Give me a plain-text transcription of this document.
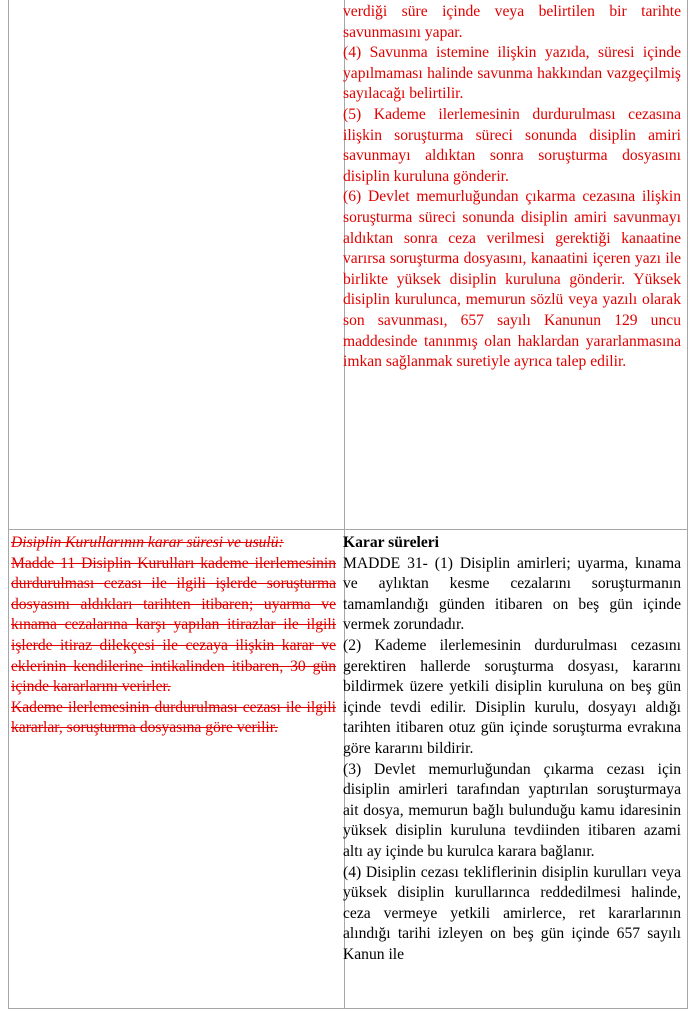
verdiği süre içinde veya belirtilen bir tarihte savunmasını yapar.

(4) Savunma istemine ilişkin yazıda, süresi içinde yapılmaması halinde savunma hakkından vazgeçilmiş sayılacağı belirtilir.

(5) Kademe ilerlemesinin durdurulması cezasına ilişkin soruşturma süreci sonunda disiplin amiri savunmayı aldıktan sonra soruşturma dosyasını disiplin kuruluna gönderir.

(6) Devlet memurluğundan çıkarma cezasına ilişkin soruşturma süreci sonunda disiplin amiri savunmayı aldıktan sonra ceza verilmesi gerektiği kanaatine varırsa soruşturma dosyasını, kanaatini içeren yazı ile birlikte yüksek disiplin kuruluna gönderir. Yüksek disiplin kurulunca, memurun sözlü veya yazılı olarak son savunması, 657 sayılı Kanunun 129 uncu maddesinde tanınmış olan haklardan yararlanmasına imkan sağlanmak suretiyle ayrıca talep edilir.

Disiplin Kurullarının karar süresi ve usulü:

Madde 11 Disiplin Kurulları kademe ilerlemesinin durdurulması cezası ile ilgili işlerde soruşturma dosyasını aldıkları tarihten itibaren; uyarma ve kınama cezalarına karşı yapılan itirazlar ile ilgili işlerde itiraz dilekçesi ile cezaya ilişkin karar ve eklerinin kendilerine intikalinden itibaren, 30 gün içinde kararlarını verirler.

Kademe ilerlemesinin durdurulması cezası ile ilgili kararlar, soruşturma dosyasına göre verilir.

Karar süreleri

MADDE 31- (1) Disiplin amirleri; uyarma, kınama ve aylıktan kesme cezalarını soruşturmanın tamamlandığı günden itibaren on beş gün içinde vermek zorundadır.

(2) Kademe ilerlemesinin durdurulması cezasını gerektiren hallerde soruşturma dosyası, kararını bildirmek üzere yetkili disiplin kuruluna on beş gün içinde tevdi edilir. Disiplin kurulu, dosyayı aldığı tarihten itibaren otuz gün içinde soruşturma evrakına göre kararını bildirir.

(3) Devlet memurluğundan çıkarma cezası için disiplin amirleri tarafından yaptırılan soruşturmaya ait dosya, memurun bağlı bulunduğu kamu idaresinin yüksek disiplin kuruluna tevdiinden itibaren azami altı ay içinde bu kurulca karara bağlanır.

(4) Disiplin cezası tekliflerinin disiplin kurulları veya yüksek disiplin kurullarınca reddedilmesi halinde, ceza vermeye yetkili amirlerce, ret kararlarının alındığı tarihi izleyen on beş gün içinde 657 sayılı Kanun ile
